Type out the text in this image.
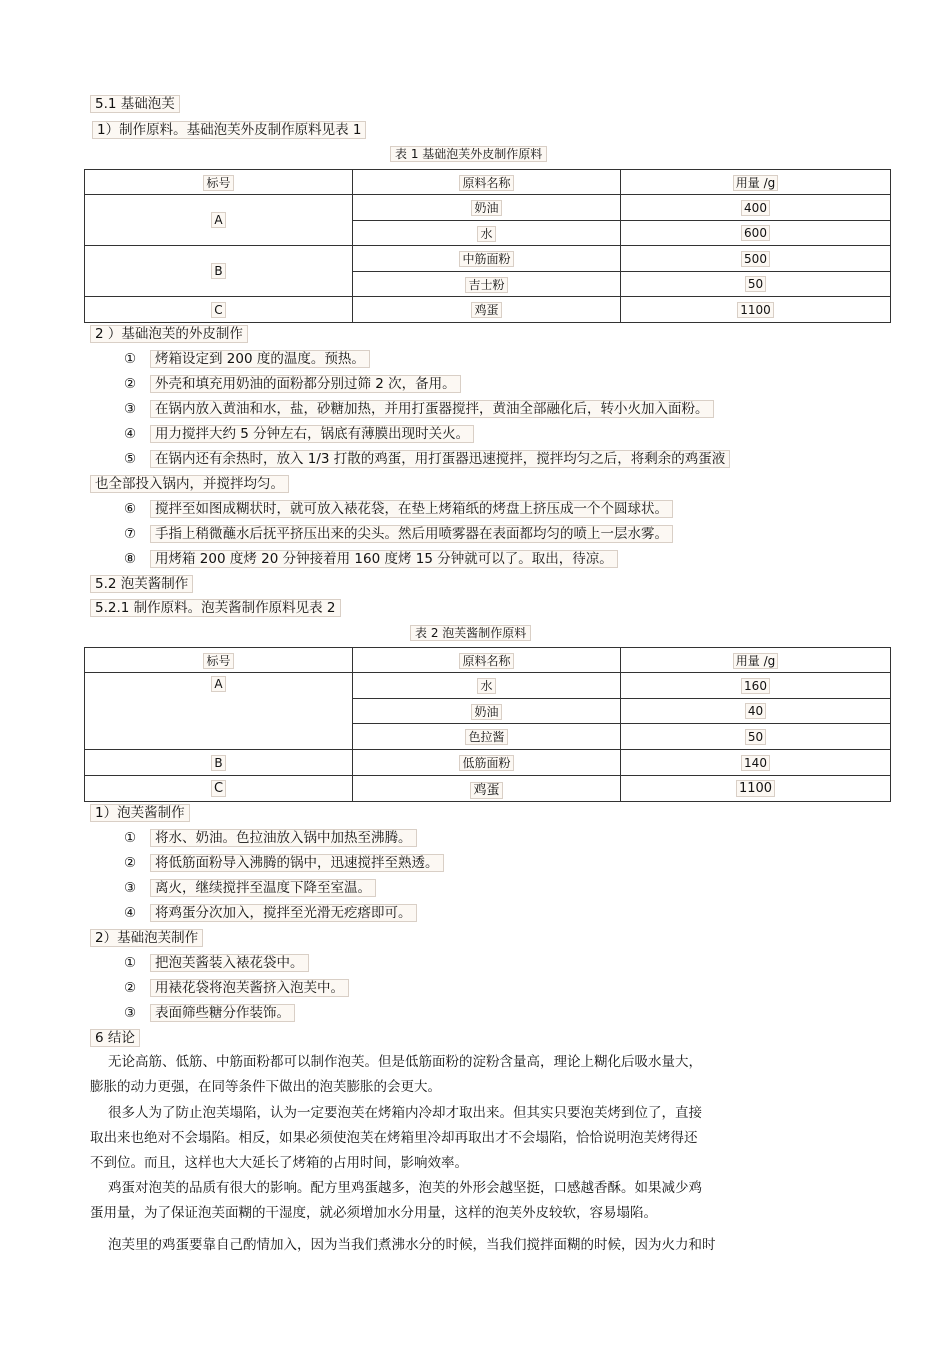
5.1 基础泡芙
1）制作原料。基础泡芙外皮制作原料见表 1
表 1 基础泡芙外皮制作原料
标号	原料名称	用量 /g
A	奶油	400
	水	600
B	中筋面粉	500
	吉士粉	50
C	鸡蛋	1100
2 ）基础泡芙的外皮制作
① 烤箱设定到 200 度的温度。预热。
② 外壳和填充用奶油的面粉都分别过筛 2 次，备用。
③ 在锅内放入黄油和水，盐，砂糖加热，并用打蛋器搅拌，黄油全部融化后，转小火加入面粉。
④ 用力搅拌大约 5 分钟左右，锅底有薄膜出现时关火。
⑤ 在锅内还有余热时，放入 1/3 打散的鸡蛋，用打蛋器迅速搅拌，搅拌均匀之后，将剩余的鸡蛋液
也全部投入锅内，并搅拌均匀。
⑥ 搅拌至如图成糊状时，就可放入裱花袋，在垫上烤箱纸的烤盘上挤压成一个个圆球状。
⑦ 手指上稍微蘸水后抚平挤压出来的尖头。然后用喷雾器在表面都均匀的喷上一层水雾。
⑧ 用烤箱 200 度烤 20 分钟接着用 160 度烤 15 分钟就可以了。取出，待凉。
5.2 泡芙酱制作
5.2.1 制作原料。泡芙酱制作原料见表 2
表 2 泡芙酱制作原料
标号	原料名称	用量 /g
A	水	160
	奶油	40
	色拉酱	50
B	低筋面粉	140
C	鸡蛋	1100
1）泡芙酱制作
① 将水、奶油。色拉油放入锅中加热至沸腾。
② 将低筋面粉导入沸腾的锅中，迅速搅拌至熟透。
③ 离火，继续搅拌至温度下降至室温。
④ 将鸡蛋分次加入，搅拌至光滑无疙瘩即可。
2）基础泡芙制作
① 把泡芙酱装入裱花袋中。
② 用裱花袋将泡芙酱挤入泡芙中。
③ 表面筛些糖分作装饰。
6 结论

无论高筋、低筋、中筋面粉都可以制作泡芙。但是低筋面粉的淀粉含量高，理论上糊化后吸水量大，

膨胀的动力更强，在同等条件下做出的泡芙膨胀的会更大。

很多人为了防止泡芙塌陷，认为一定要泡芙在烤箱内冷却才取出来。但其实只要泡芙烤到位了，直接

取出来也绝对不会塌陷。相反，如果必须使泡芙在烤箱里冷却再取出才不会塌陷，恰恰说明泡芙烤得还

不到位。而且，这样也大大延长了烤箱的占用时间，影响效率。

鸡蛋对泡芙的品质有很大的影响。配方里鸡蛋越多，泡芙的外形会越坚挺，口感越香酥。如果减少鸡

蛋用量，为了保证泡芙面糊的干湿度，就必须增加水分用量，这样的泡芙外皮较软，容易塌陷。

泡芙里的鸡蛋要靠自己酌情加入，因为当我们煮沸水分的时候，当我们搅拌面糊的时候，因为火力和时
